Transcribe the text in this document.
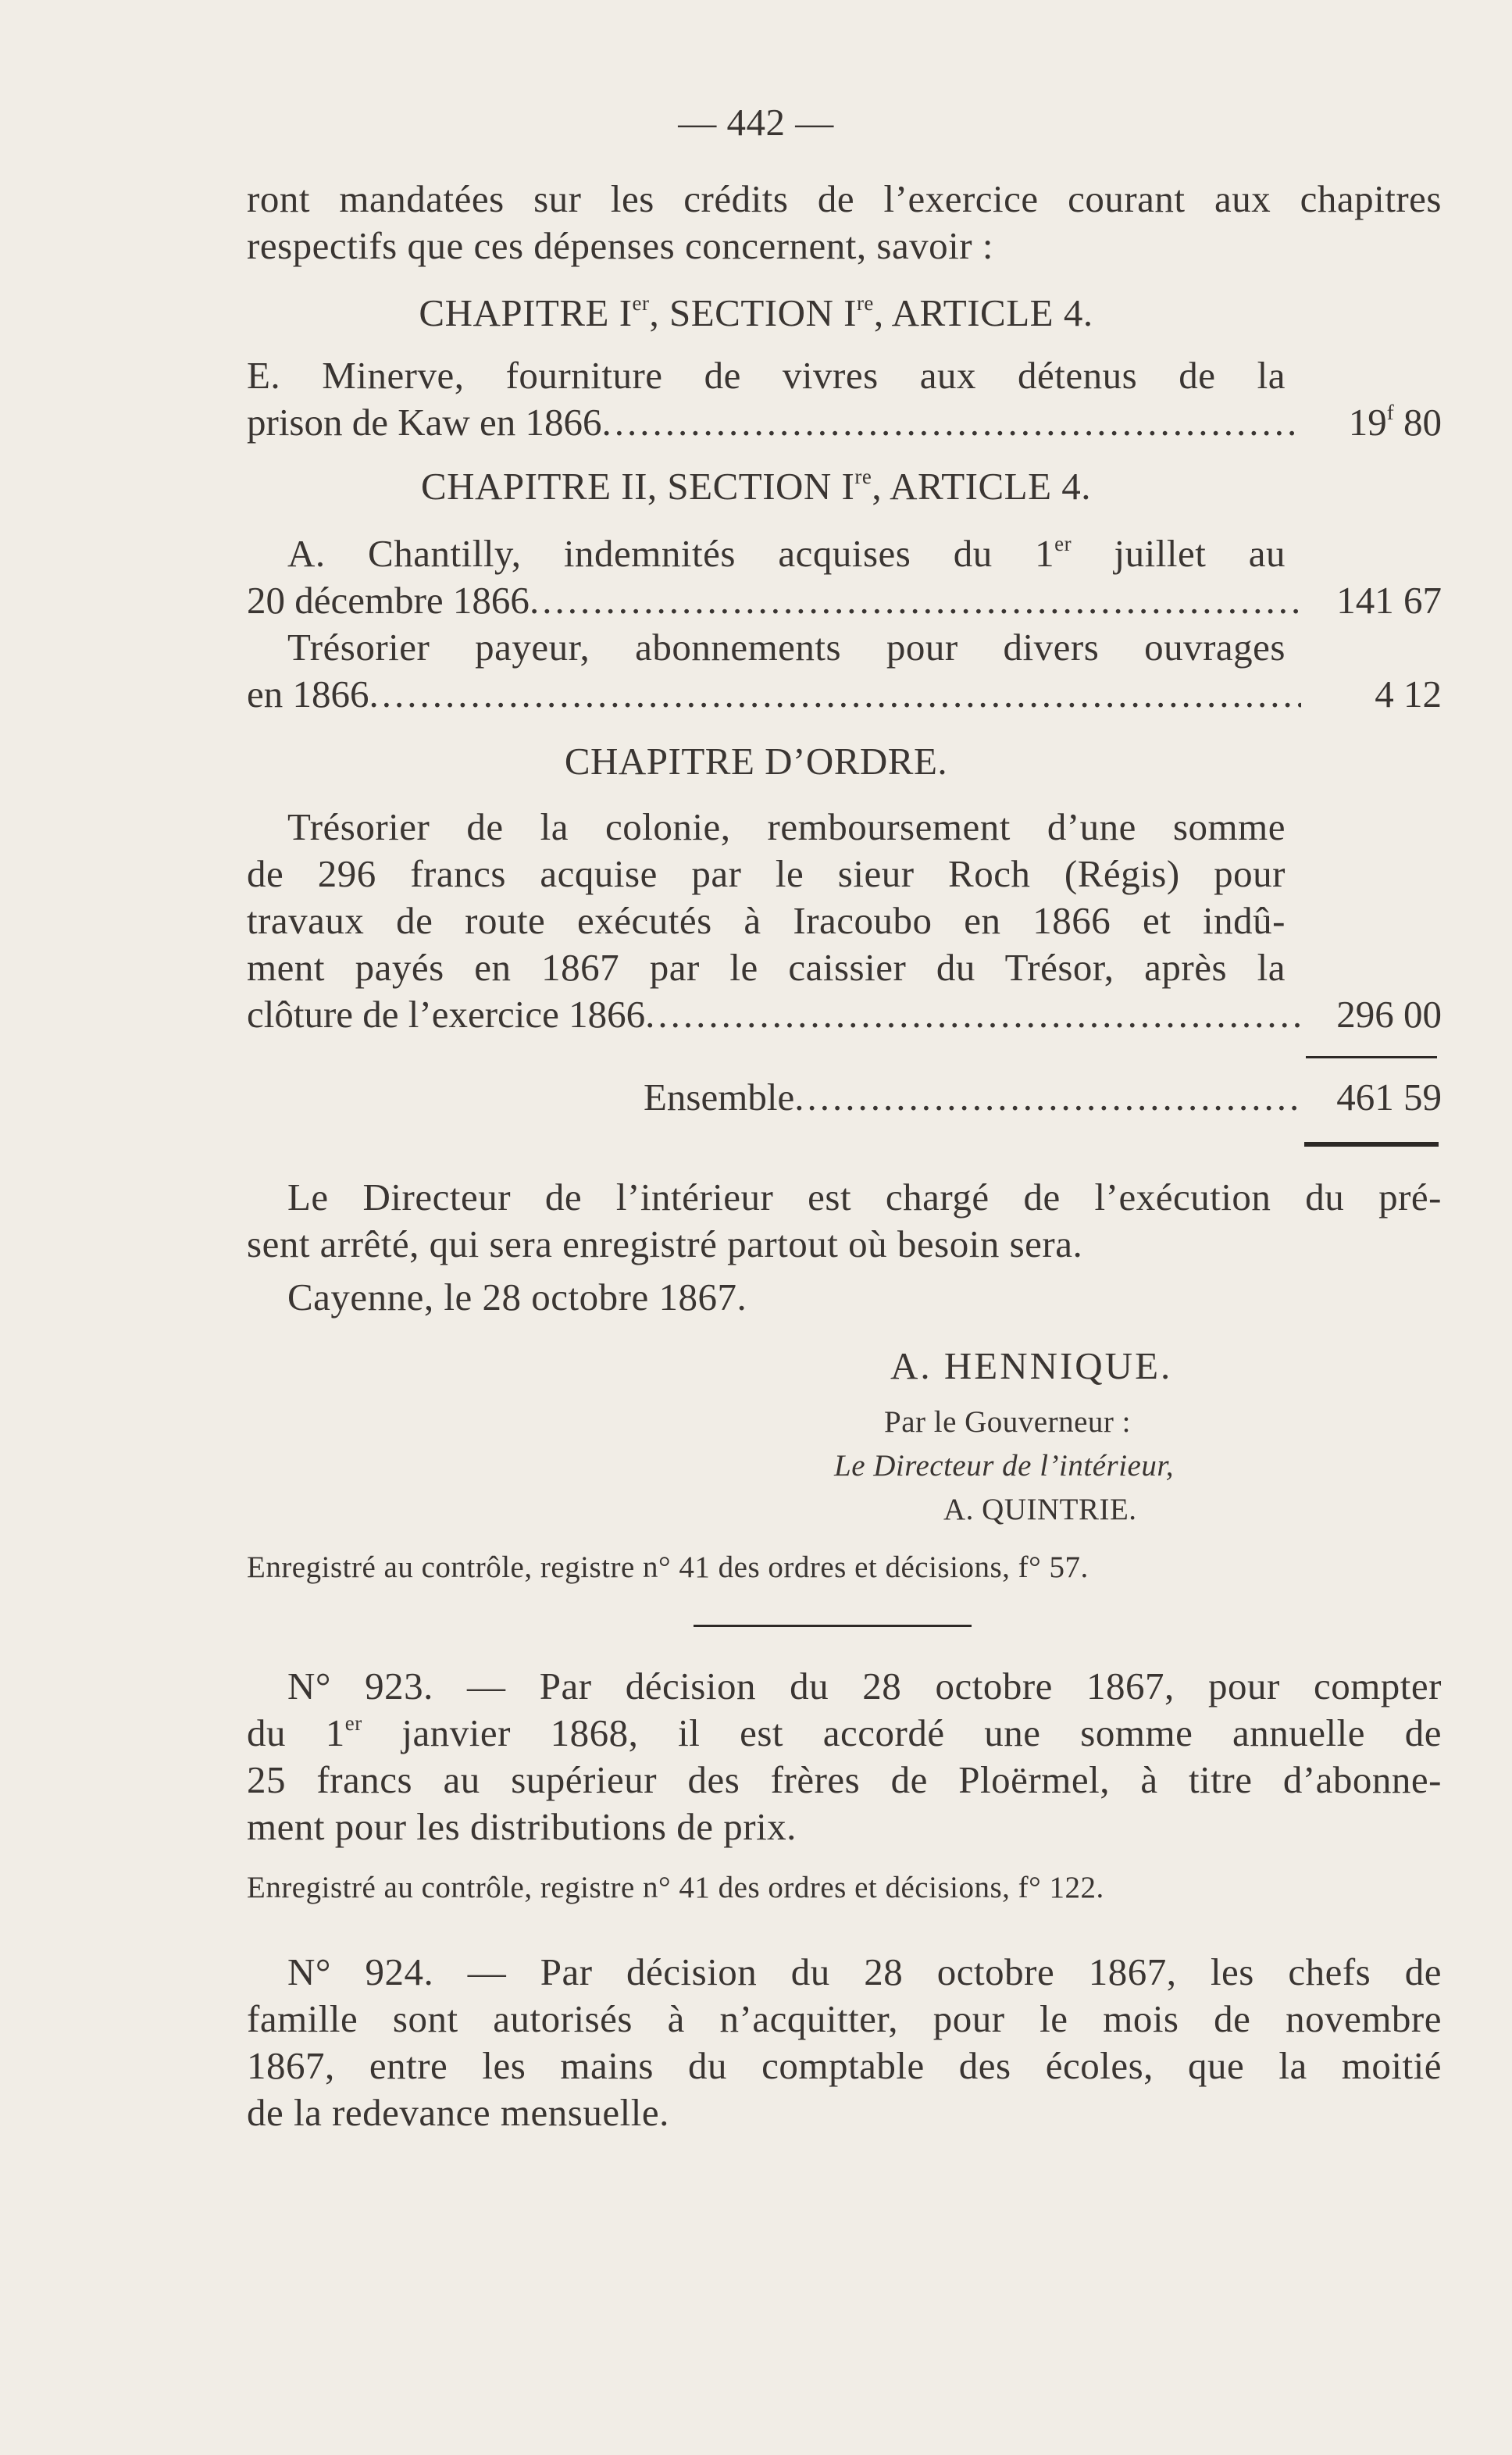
— 442 —
ront mandatées sur les crédits de l’exercice courant aux chapitres
respectifs que ces dépenses concernent, savoir :
CHAPITRE Ier, SECTION Ire, ARTICLE 4.
E. Minerve, fourniture de vivres aux détenus de la
prison de Kaw en 1866 .....	19$^f$ 80
CHAPITRE II, SECTION Ire, ARTICLE 4.
A. Chantilly, indemnités acquises du 1er juillet au
20 décembre 1866 .....	141 67
Trésorier payeur, abonnements pour divers ouvrages
en 1866 .....	4 12
CHAPITRE D’ORDRE.
Trésorier de la colonie, remboursement d’une somme
de 296 francs acquise par le sieur Roch (Régis) pour
travaux de route exécutés à Iracoubo en 1866 et indû-
ment payés en 1867 par le caissier du Trésor, après la
clôture de l’exercice 1866 .....	296 00
Ensemble .....	461 59
Le Directeur de l’intérieur est chargé de l’exécution du pré-
sent arrêté, qui sera enregistré partout où besoin sera.
Cayenne, le 28 octobre 1867.
A. HENNIQUE.
Par le Gouverneur :
Le Directeur de l’intérieur,
A. QUINTRIE.
Enregistré au contrôle, registre n° 41 des ordres et décisions, f° 57.
N° 923. — Par décision du 28 octobre 1867, pour compter
du 1er janvier 1868, il est accordé une somme annuelle de
25 francs au supérieur des frères de Ploërmel, à titre d’abonne-
ment pour les distributions de prix.
Enregistré au contrôle, registre n° 41 des ordres et décisions, f° 122.
N° 924. — Par décision du 28 octobre 1867, les chefs de
famille sont autorisés à n’acquitter, pour le mois de novembre
1867, entre les mains du comptable des écoles, que la moitié
de la redevance mensuelle.
